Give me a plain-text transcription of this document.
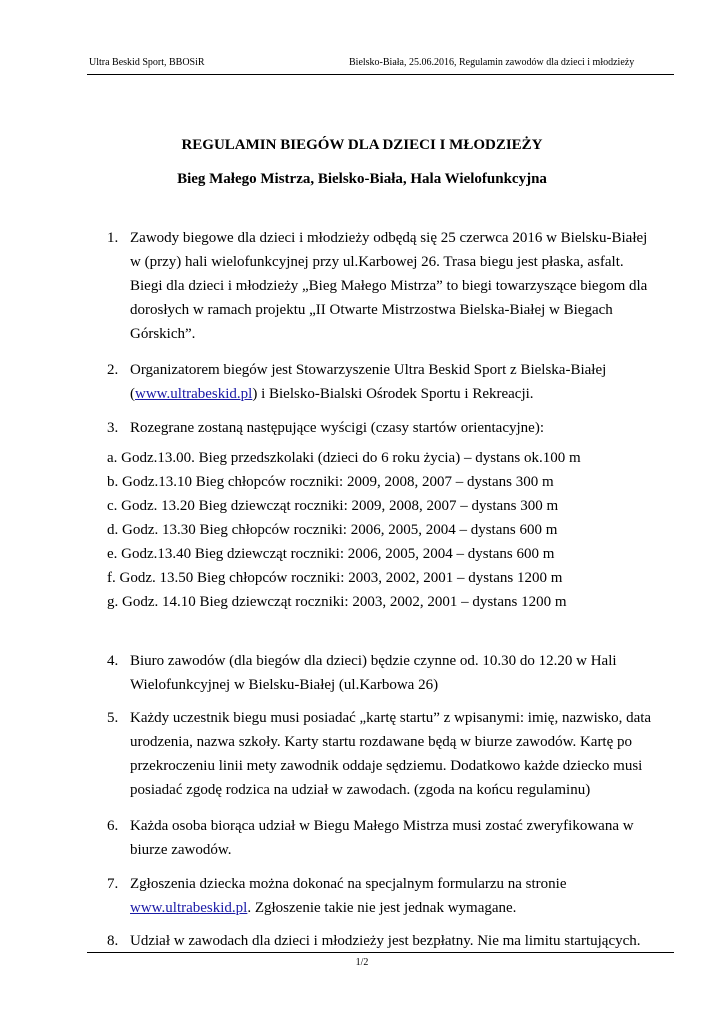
Ultra Beskid Sport, BBOSiR	Bielsko-Biała, 25.06.2016, Regulamin zawodów dla dzieci i młodzieży
REGULAMIN BIEGÓW DLA DZIECI I MŁODZIEŻY
Bieg Małego Mistrza, Bielsko-Biała, Hala Wielofunkcyjna
1. Zawody biegowe dla dzieci i młodzieży odbędą się 25 czerwca 2016 w Bielsku-Białej
w (przy) hali wielofunkcyjnej przy ul.Karbowej 26. Trasa biegu jest płaska, asfalt.
Biegi dla dzieci i młodzieży „Bieg Małego Mistrza” to biegi towarzyszące biegom dla
dorosłych w ramach projektu „II Otwarte Mistrzostwa Bielska-Białej w Biegach
Górskich”.
2. Organizatorem biegów jest Stowarzyszenie Ultra Beskid Sport z Bielska-Białej
(www.ultrabeskid.pl) i Bielsko-Bialski Ośrodek Sportu i Rekreacji.
3. Rozegrane zostaną następujące wyścigi (czasy startów orientacyjne):
a. Godz.13.00. Bieg przedszkolaki (dzieci do 6 roku życia) – dystans ok.100 m
b. Godz.13.10 Bieg chłopców roczniki: 2009, 2008, 2007 – dystans 300 m
c. Godz. 13.20 Bieg dziewcząt roczniki: 2009, 2008, 2007 – dystans 300 m
d. Godz. 13.30 Bieg chłopców roczniki: 2006, 2005, 2004 – dystans 600 m
e. Godz.13.40 Bieg dziewcząt roczniki: 2006, 2005, 2004 – dystans 600 m
f. Godz. 13.50 Bieg chłopców roczniki: 2003, 2002, 2001 – dystans 1200 m
g. Godz. 14.10 Bieg dziewcząt roczniki: 2003, 2002, 2001 – dystans 1200 m
4. Biuro zawodów (dla biegów dla dzieci) będzie czynne od. 10.30 do 12.20 w Hali
Wielofunkcyjnej w Bielsku-Białej (ul.Karbowa 26)
5. Każdy uczestnik biegu musi posiadać „kartę startu” z wpisanymi: imię, nazwisko, data
urodzenia, nazwa szkoły. Karty startu rozdawane będą w biurze zawodów. Kartę po
przekroczeniu linii mety zawodnik oddaje sędziemu. Dodatkowo każde dziecko musi
posiadać zgodę rodzica na udział w zawodach. (zgoda na końcu regulaminu)
6. Każda osoba biorąca udział w Biegu Małego Mistrza musi zostać zweryfikowana w
biurze zawodów.
7. Zgłoszenia dziecka można dokonać na specjalnym formularzu na stronie
www.ultrabeskid.pl. Zgłoszenie takie nie jest jednak wymagane.
8. Udział w zawodach dla dzieci i młodzieży jest bezpłatny. Nie ma limitu startujących.
1/2
